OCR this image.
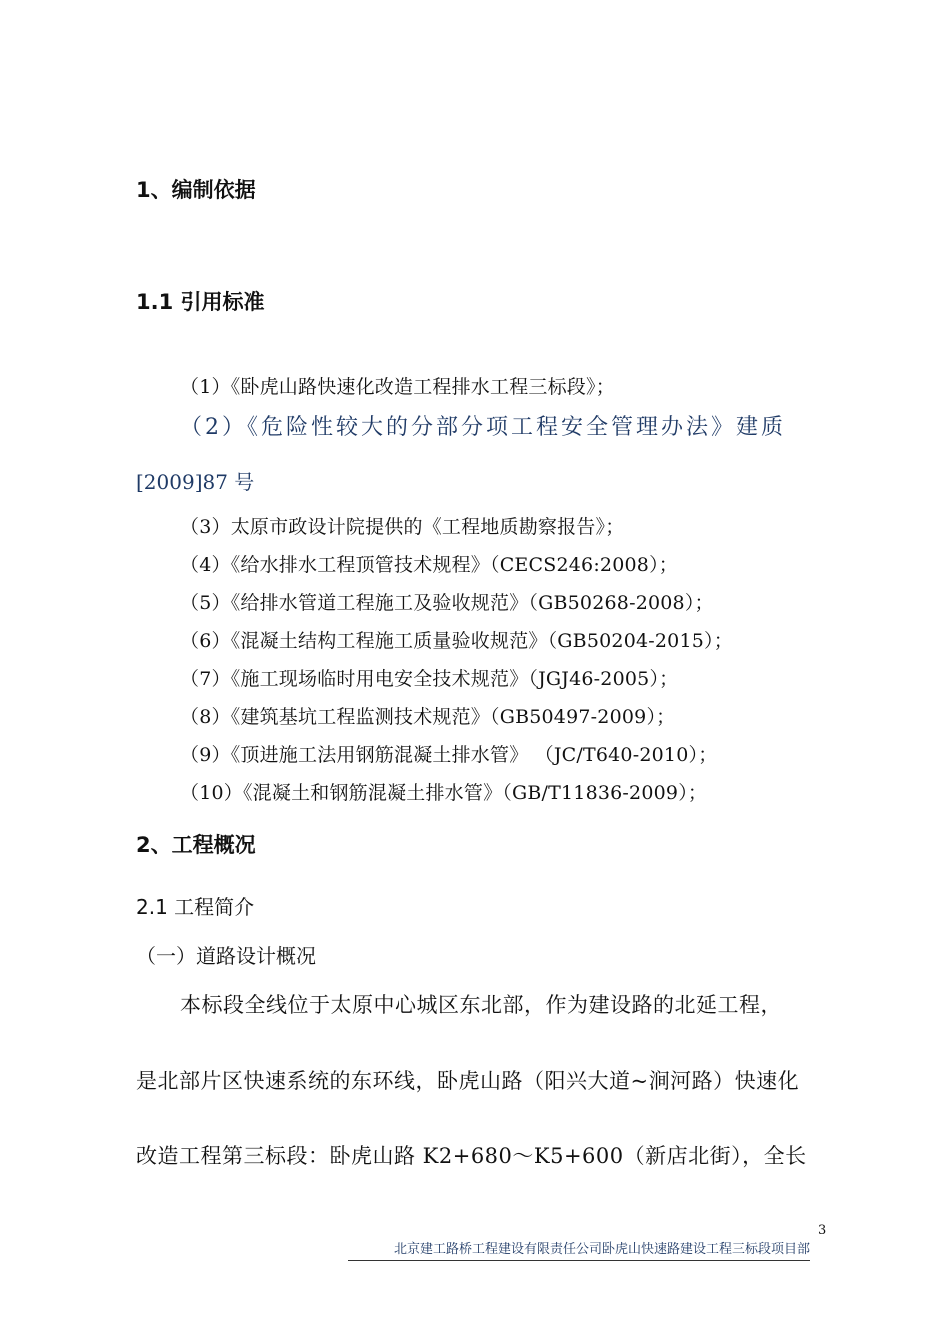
1、编制依据
1.1 引用标准
（1）《卧虎山路快速化改造工程排水工程三标段》；
（2）《危险性较大的分部分项工程安全管理办法》建质
[2009]87 号
（3）太原市政设计院提供的《工程地质勘察报告》；
（4）《给水排水工程顶管技术规程》（CECS246:2008）；
（5）《给排水管道工程施工及验收规范》（GB50268-2008）；
（6）《混凝土结构工程施工质量验收规范》（GB50204-2015）；
（7）《施工现场临时用电安全技术规范》（JGJ46-2005）；
（8）《建筑基坑工程监测技术规范》（GB50497-2009）；
（9）《顶进施工法用钢筋混凝土排水管》 （JC/T640-2010）；
（10）《混凝土和钢筋混凝土排水管》（GB/T11836-2009）；
2、工程概况
2.1 工程简介
（一）道路设计概况
本标段全线位于太原中心城区东北部，作为建设路的北延工程，
是北部片区快速系统的东环线，卧虎山路（阳兴大道~涧河路）快速化
改造工程第三标段：卧虎山路 K2+680～K5+600（新店北街），全长
3
北京建工路桥工程建设有限责任公司卧虎山快速路建设工程三标段项目部
